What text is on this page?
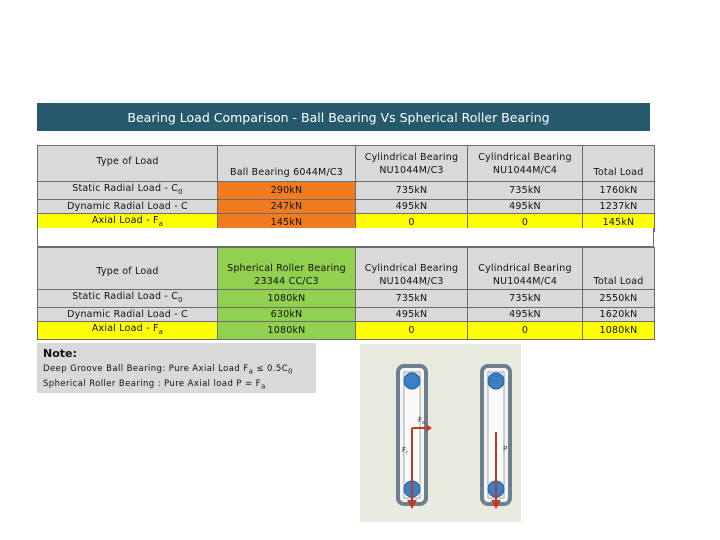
Bearing Load Comparison - Ball Bearing Vs Spherical Roller Bearing
Type of Load	Ball Bearing 6044M/C3	Cylindrical Bearing NU1044M/C3	Cylindrical Bearing NU1044M/C4	Total Load
Static Radial Load - $C_0$	290kN	735kN	735kN	1760kN
Dynamic Radial Load - C	247kN	495kN	495kN	1237kN
Axial Load - $F_a$	145kN	0	0	145kN
Type of Load	Spherical Roller Bearing 23344 CC/C3	Cylindrical Bearing NU1044M/C3	Cylindrical Bearing NU1044M/C4	Total Load
Static Radial Load - $C_0$	1080kN	735kN	735kN	2550kN
Dynamic Radial Load - C	630kN	495kN	495kN	1620kN
Axial Load - $F_a$	1080kN	0	0	1080kN
Note:
Deep Groove Ball Bearing: Pure Axial Load $F_a \le 0.5C_0$
Spherical Roller Bearing : Pure Axial load $P = F_a$
$F_a$
$F_r$	P
